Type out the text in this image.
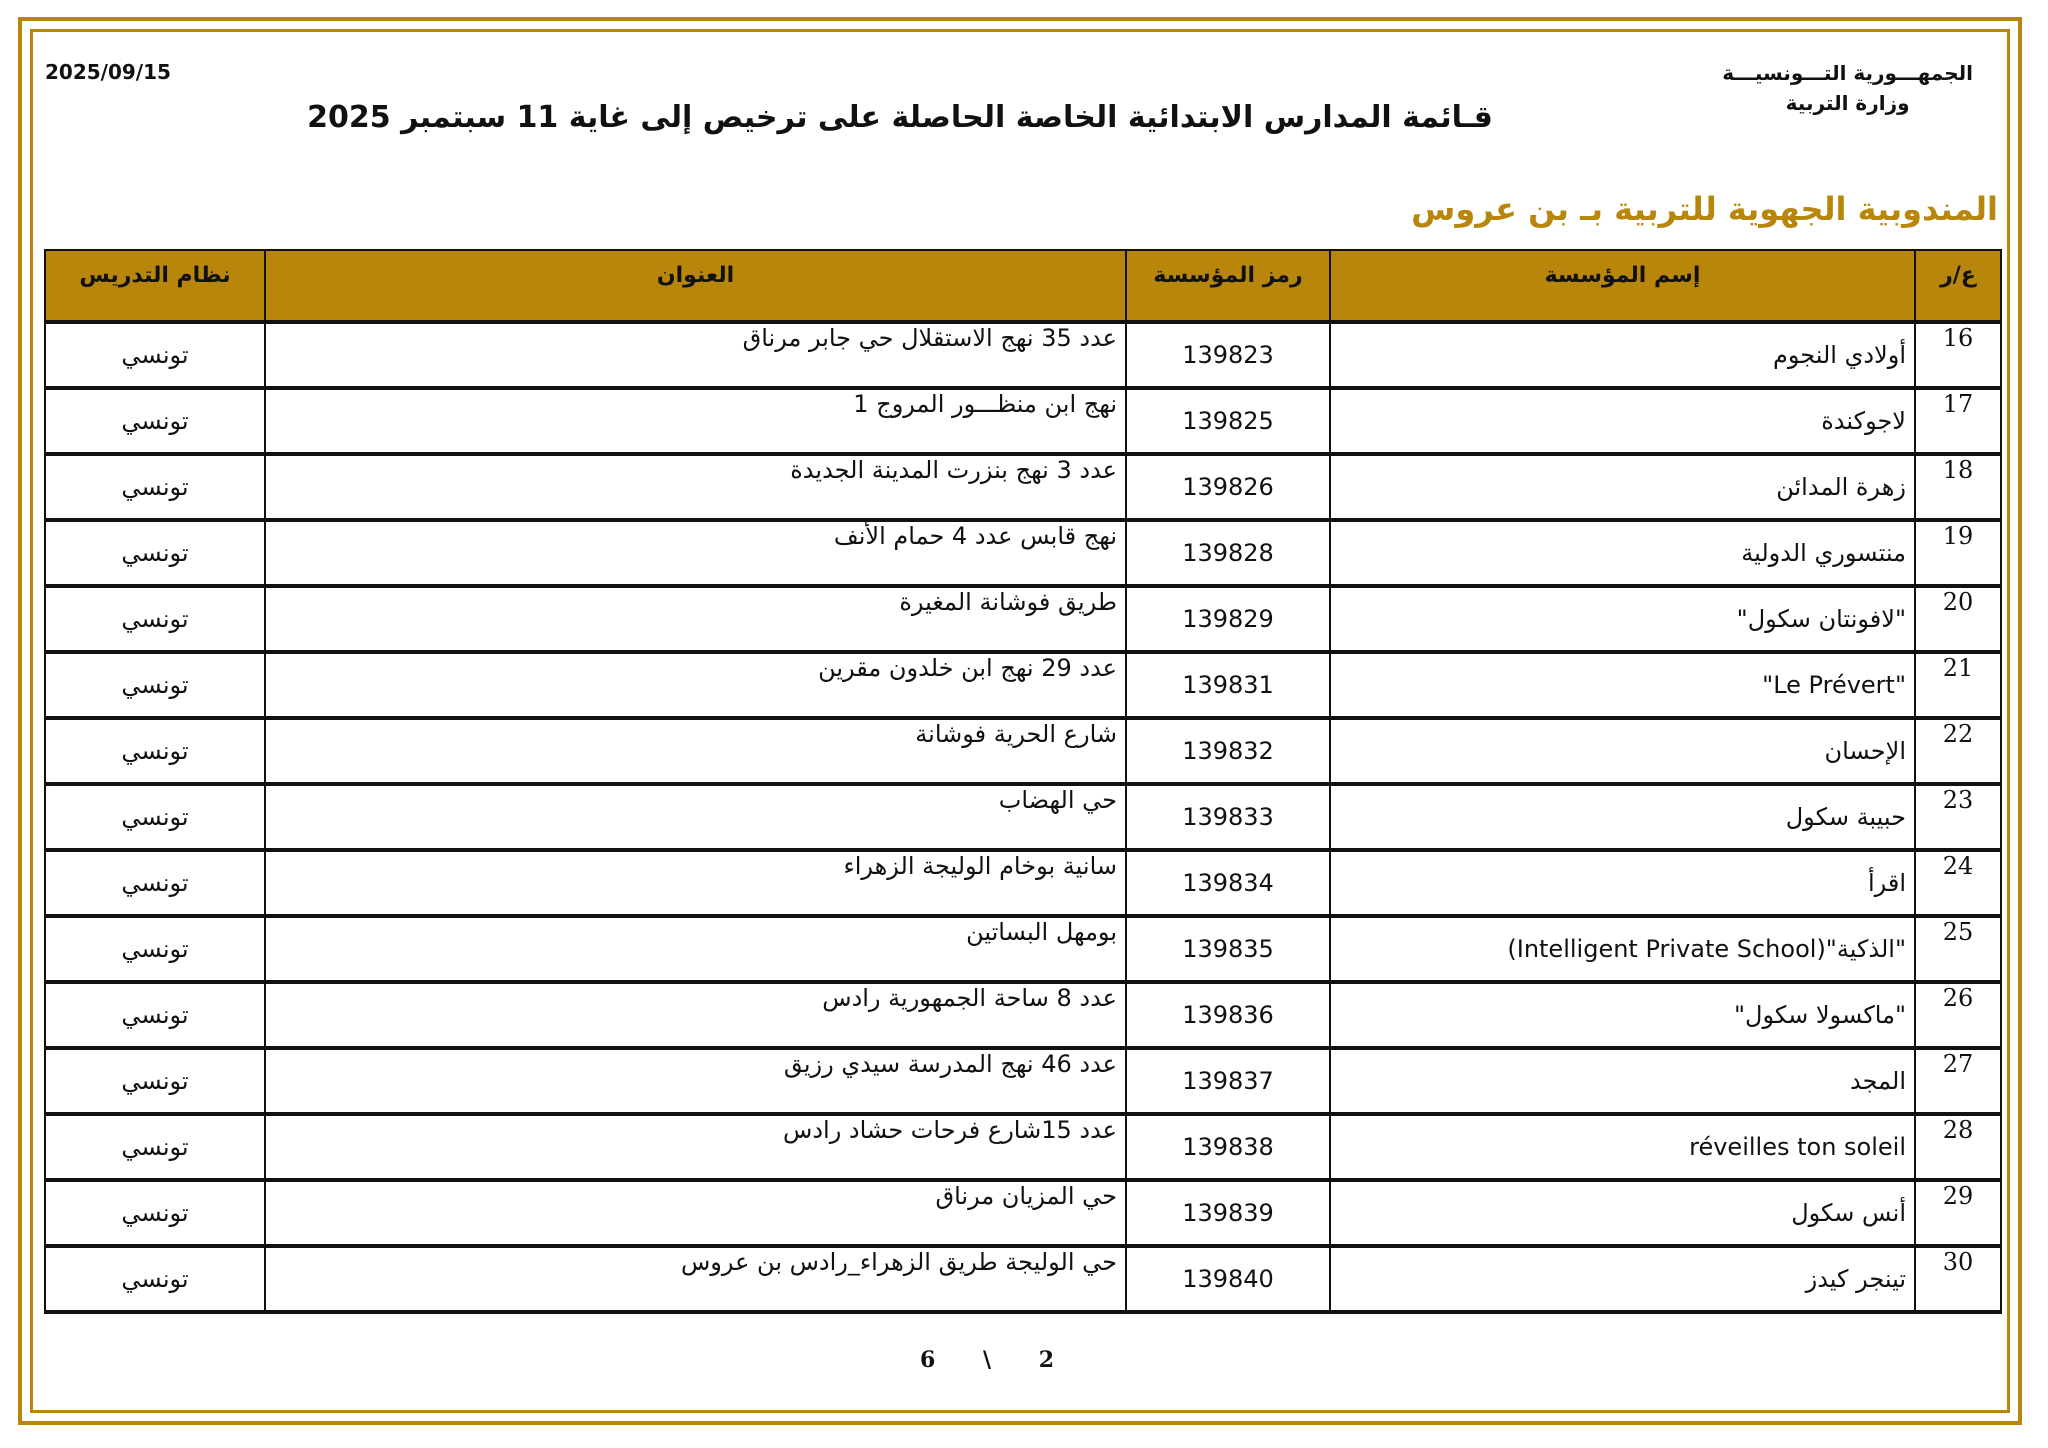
الجمهـــورية التـــونسيـــة
وزارة التربية
2025/09/15
قـائمة المدارس الابتدائية الخاصة الحاصلة على ترخيص إلى غاية 11 سبتمبر 2025
المندوبية الجهوية للتربية بـ بن عروس
ع/ر	إسم المؤسسة	رمز المؤسسة	العنوان	نظام التدريس
16	أولادي النجوم	139823	عدد 35 نهج الاستقلال حي جابر مرناق	تونسي
17	لاجوكندة	139825	نهج ابن منظـــور المروج 1	تونسي
18	زهرة المدائن	139826	عدد 3 نهج بنزرت المدينة الجديدة	تونسي
19	منتسوري الدولية	139828	نهج قابس عدد 4 حمام الأنف	تونسي
20	"لافونتان سكول"	139829	طريق فوشانة المغيرة	تونسي
21	"Le Prévert"	139831	عدد 29 نهج ابن خلدون مقرين	تونسي
22	الإحسان	139832	شارع الحرية فوشانة	تونسي
23	حبيبة سكول	139833	حي الهضاب	تونسي
24	اقرأ	139834	سانية بوخام الوليجة الزهراء	تونسي
25	"الذكية"(Intelligent Private School)	139835	بومهل البساتين	تونسي
26	"ماكسولا سكول"	139836	عدد 8 ساحة الجمهورية رادس	تونسي
27	المجد	139837	عدد 46 نهج المدرسة سيدي رزيق	تونسي
28	réveilles ton soleil	139838	عدد 15شارع فرحات حشاد رادس	تونسي
29	أنس سكول	139839	حي المزيان مرناق	تونسي
30	تينجر كيدز	139840	حي الوليجة طريق الزهراء_رادس بن عروس	تونسي
2 \ 6
